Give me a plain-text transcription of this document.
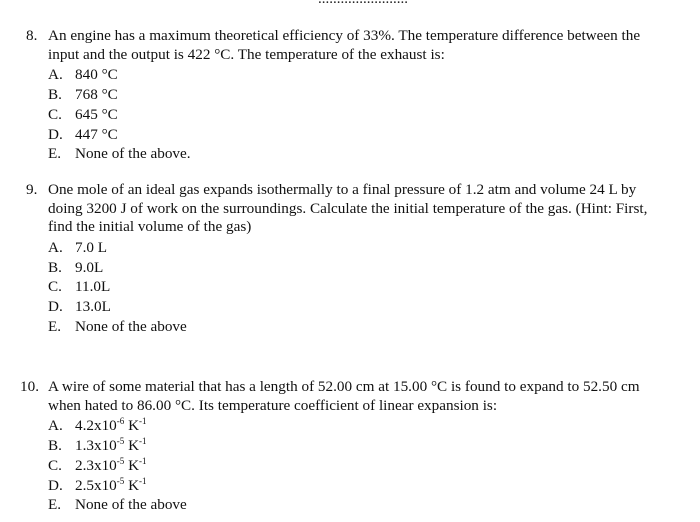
8. An engine has a maximum theoretical efficiency of 33%. The temperature difference between the input and the output is 422 °C. The temperature of the exhaust is:
A. 840 °C
B. 768 °C
C. 645 °C
D. 447 °C
E. None of the above.
9. One mole of an ideal gas expands isothermally to a final pressure of 1.2 atm and volume 24 L by doing 3200 J of work on the surroundings. Calculate the initial temperature of the gas. (Hint: First, find the initial volume of the gas)
A. 7.0 L
B. 9.0L
C. 11.0L
D. 13.0L
E. None of the above
10. A wire of some material that has a length of 52.00 cm at 15.00 °C is found to expand to 52.50 cm when hated to 86.00 °C. Its temperature coefficient of linear expansion is:
A. $4.2x10^{-6}$ $K^{-1}$
B. $1.3x10^{-5}$ $K^{-1}$
C. $2.3x10^{-5}$ $K^{-1}$
D. $2.5x10^{-5}$ $K^{-1}$
E. None of the above
